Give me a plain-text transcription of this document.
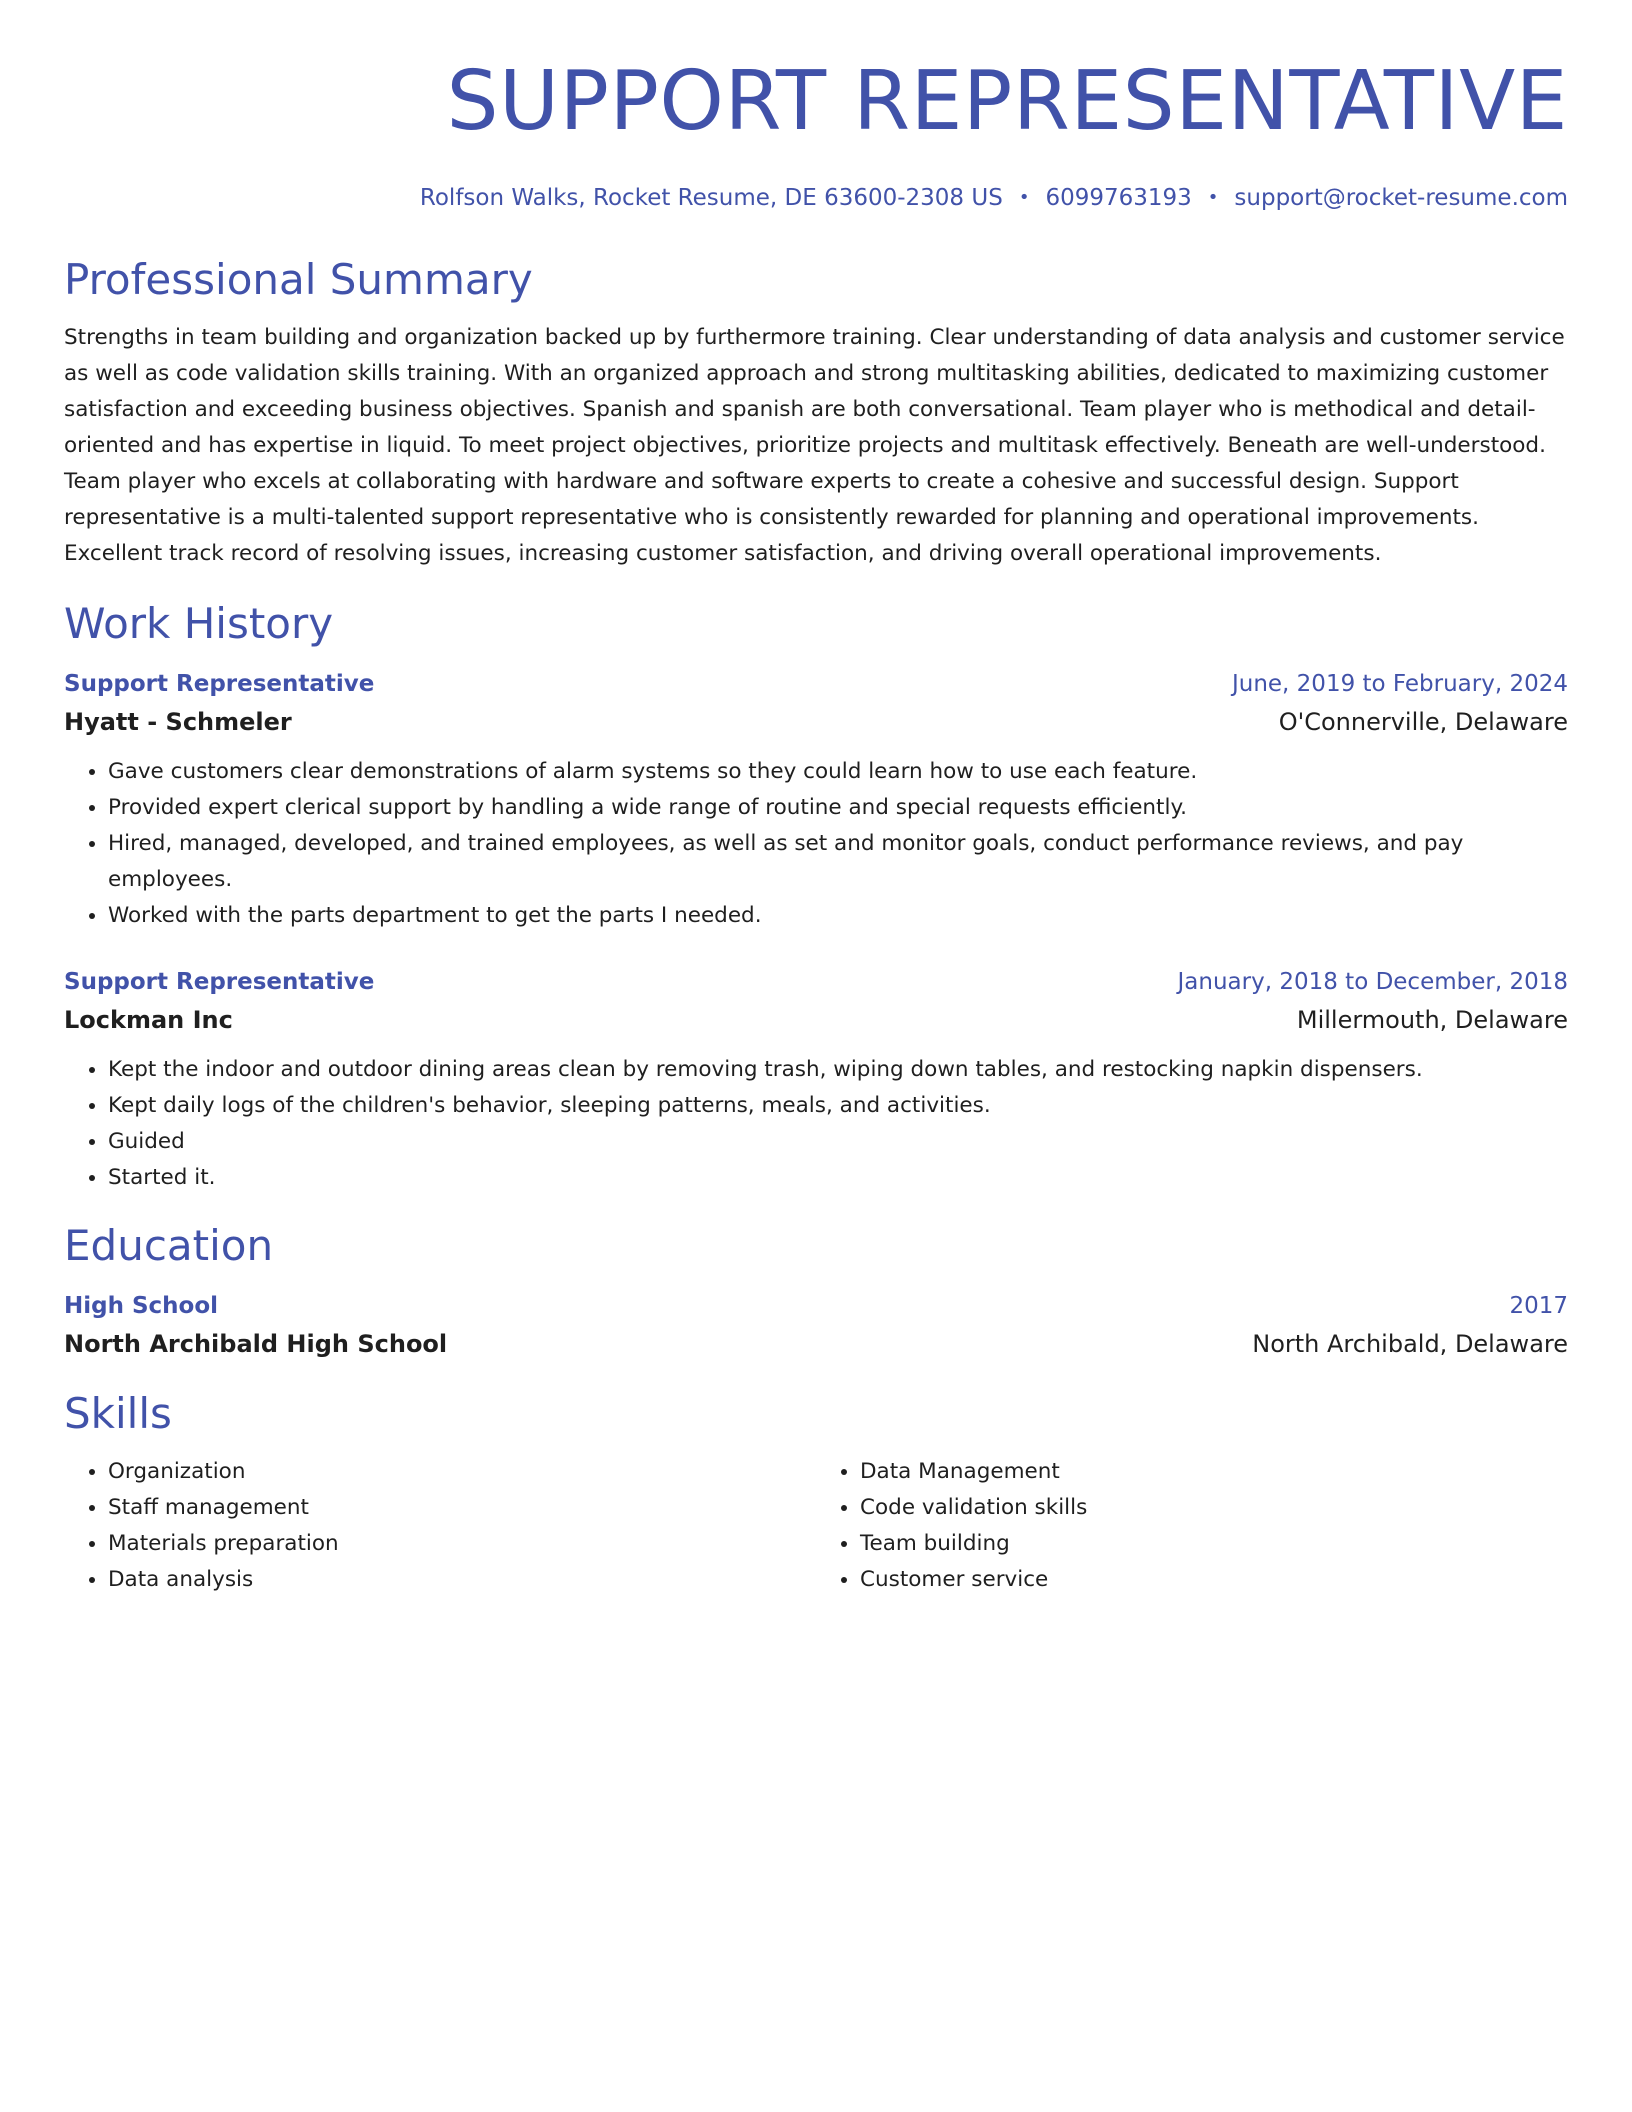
SUPPORT REPRESENTATIVE
Rolfson Walks, Rocket Resume, DE 63600-2308 US • 6099763193 • support@rocket-resume.com
Professional Summary

Strengths in team building and organization backed up by furthermore training. Clear understanding of data analysis and customer service as well as code validation skills training. With an organized approach and strong multitasking abilities, dedicated to maximizing customer satisfaction and exceeding business objectives. Spanish and spanish are both conversational. Team player who is methodical and detail-oriented and has expertise in liquid. To meet project objectives, prioritize projects and multitask effectively. Beneath are well-understood. Team player who excels at collaborating with hardware and software experts to create a cohesive and successful design. Support representative is a multi-talented support representative who is consistently rewarded for planning and operational improvements. Excellent track record of resolving issues, increasing customer satisfaction, and driving overall operational improvements.

Work History
Support Representative	June, 2019 to February, 2024
Hyatt - Schmeler	O'Connerville, Delaware
• Gave customers clear demonstrations of alarm systems so they could learn how to use each feature.
• Provided expert clerical support by handling a wide range of routine and special requests efficiently.
• Hired, managed, developed, and trained employees, as well as set and monitor goals, conduct performance reviews, and pay employees.
• Worked with the parts department to get the parts I needed.
Support Representative	January, 2018 to December, 2018
Lockman Inc	Millermouth, Delaware
• Kept the indoor and outdoor dining areas clean by removing trash, wiping down tables, and restocking napkin dispensers.
• Kept daily logs of the children's behavior, sleeping patterns, meals, and activities.
• Guided
• Started it.
Education
High School	2017
North Archibald High School	North Archibald, Delaware
Skills
• Organization
• Staff management
• Materials preparation
• Data analysis
• Data Management
• Code validation skills
• Team building
• Customer service
